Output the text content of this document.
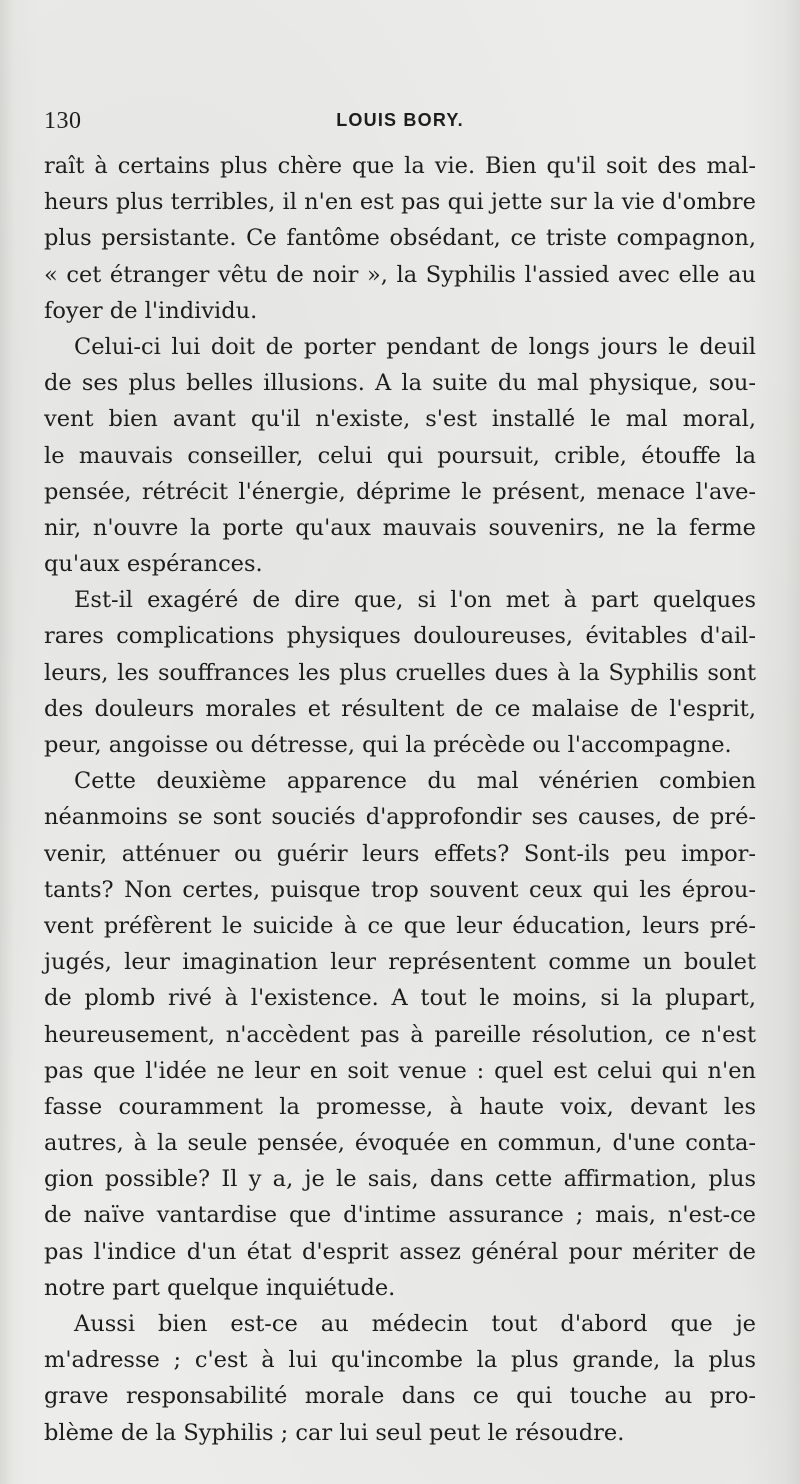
130	LOUIS BORY.
raît à certains plus chère que la vie. Bien qu'il soit des mal-
heurs plus terribles, il n'en est pas qui jette sur la vie d'ombre
plus persistante. Ce fantôme obsédant, ce triste compagnon,
« cet étranger vêtu de noir », la Syphilis l'assied avec elle au
foyer de l'individu.
Celui-ci lui doit de porter pendant de longs jours le deuil
de ses plus belles illusions. A la suite du mal physique, sou-
vent bien avant qu'il n'existe, s'est installé le mal moral,
le mauvais conseiller, celui qui poursuit, crible, étouffe la
pensée, rétrécit l'énergie, déprime le présent, menace l'ave-
nir, n'ouvre la porte qu'aux mauvais souvenirs, ne la ferme
qu'aux espérances.
Est-il exagéré de dire que, si l'on met à part quelques
rares complications physiques douloureuses, évitables d'ail-
leurs, les souffrances les plus cruelles dues à la Syphilis sont
des douleurs morales et résultent de ce malaise de l'esprit,
peur, angoisse ou détresse, qui la précède ou l'accompagne.
Cette deuxième apparence du mal vénérien combien
néanmoins se sont souciés d'approfondir ses causes, de pré-
venir, atténuer ou guérir leurs effets? Sont-ils peu impor-
tants? Non certes, puisque trop souvent ceux qui les éprou-
vent préfèrent le suicide à ce que leur éducation, leurs pré-
jugés, leur imagination leur représentent comme un boulet
de plomb rivé à l'existence. A tout le moins, si la plupart,
heureusement, n'accèdent pas à pareille résolution, ce n'est
pas que l'idée ne leur en soit venue : quel est celui qui n'en
fasse couramment la promesse, à haute voix, devant les
autres, à la seule pensée, évoquée en commun, d'une conta-
gion possible? Il y a, je le sais, dans cette affirmation, plus
de naïve vantardise que d'intime assurance ; mais, n'est-ce
pas l'indice d'un état d'esprit assez général pour mériter de
notre part quelque inquiétude.
Aussi bien est-ce au médecin tout d'abord que je
m'adresse ; c'est à lui qu'incombe la plus grande, la plus
grave responsabilité morale dans ce qui touche au pro-
blème de la Syphilis ; car lui seul peut le résoudre.
